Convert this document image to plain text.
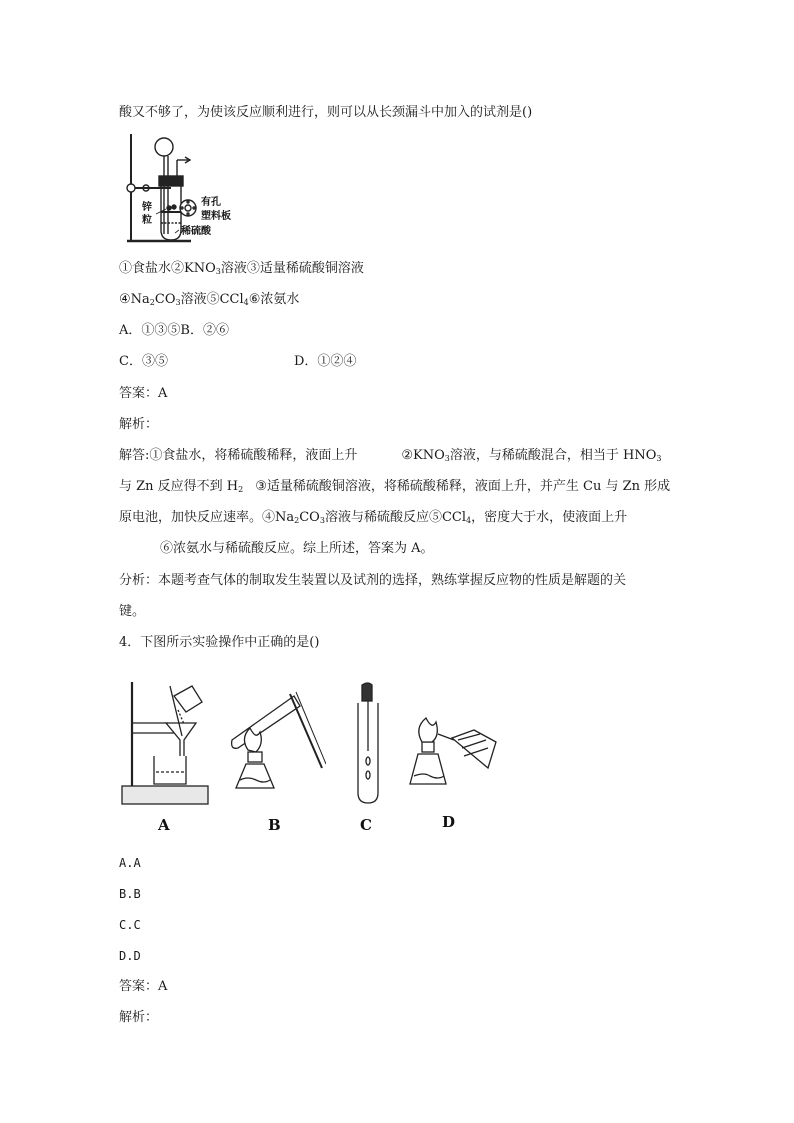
酸又不够了，为使该反应顺利进行，则可以从长颈漏斗中加入的试剂是()
锌
粒
有孔
塑料板
稀硫酸
①食盐水$②KNO_3$溶液③适量稀硫酸铜溶液
$④Na_2CO_3$溶液⑤CCl$_4$⑥浓氨水
A．①③⑤B．②⑥
C．③⑤	D．①②④
答案：A
解析：
解答:①食盐水，将稀硫酸稀释，液面上升	$②KNO_3$溶液，与稀硫酸混合，相当于 $HNO_3$
与 Zn 反应得不到 $H_2$ ③适量稀硫酸铜溶液，将稀硫酸稀释，液面上升，并产生 Cu 与 Zn 形成
原电池，加快反应速率。$④Na_2CO_3$溶液与稀硫酸反应⑤CCl$_4$，密度大于水，使液面上升
⑥浓氨水与稀硫酸反应。综上所述，答案为 A。
分析：本题考查气体的制取发生装置以及试剂的选择，熟练掌握反应物的性质是解题的关
键。
4．下图所示实验操作中正确的是()
A	B	C	D
A.A
B.B
C.C
D.D
答案：A
解析：
